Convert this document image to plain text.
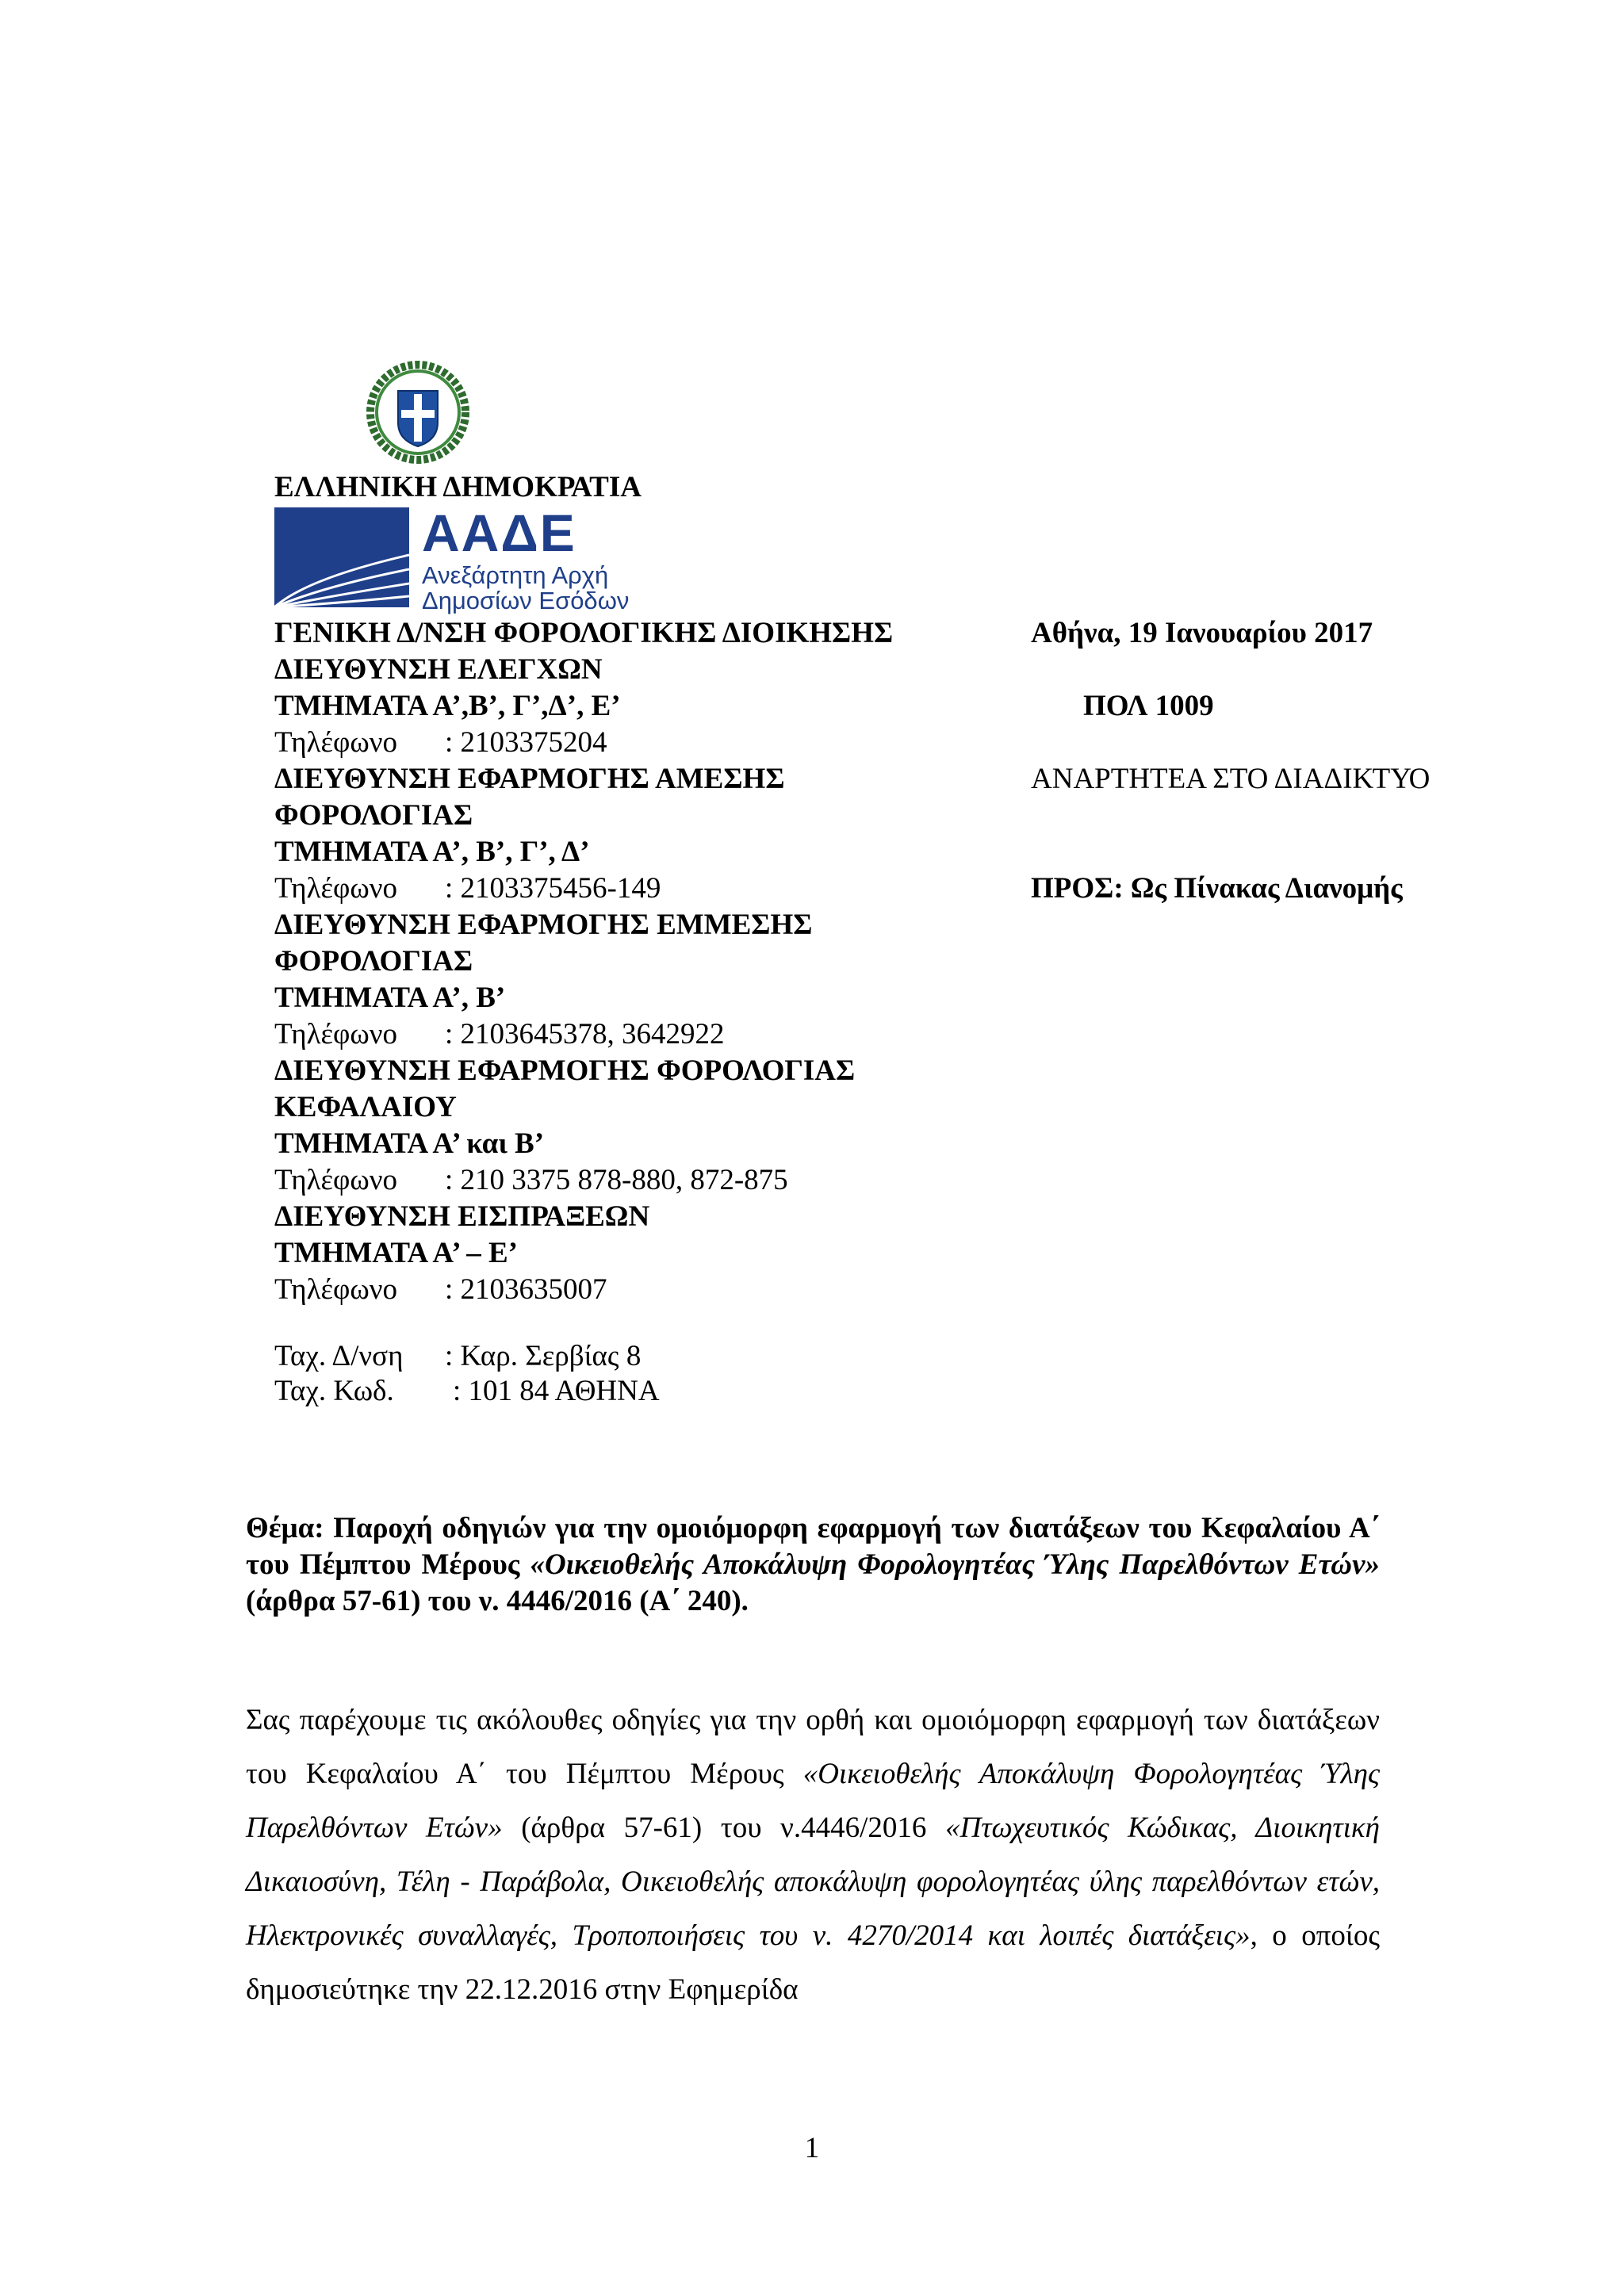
ΕΛΛΗΝΙΚΗ ΔΗΜΟΚΡΑΤΙΑ
ΑΑΔΕ
Ανεξάρτητη Αρχή
Δημοσίων Εσόδων
ΓΕΝΙΚΗ Δ/ΝΣΗ ΦΟΡΟΛΟΓΙΚΗΣ ΔΙΟΙΚΗΣΗΣ
ΔΙΕΥΘΥΝΣΗ ΕΛΕΓΧΩΝ
ΤΜΗΜΑΤΑ Α’,Β’, Γ’,Δ’, Ε’
Τηλέφωνο : 2103375204
ΔΙΕΥΘΥΝΣΗ ΕΦΑΡΜΟΓΗΣ ΑΜΕΣΗΣ
ΦΟΡΟΛΟΓΙΑΣ
ΤΜΗΜΑΤΑ Α’, Β’, Γ’, Δ’
Τηλέφωνο : 2103375456-149
ΔΙΕΥΘΥΝΣΗ ΕΦΑΡΜΟΓΗΣ ΕΜΜΕΣΗΣ
ΦΟΡΟΛΟΓΙΑΣ
ΤΜΗΜΑΤΑ Α’, Β’
Τηλέφωνο : 2103645378, 3642922
ΔΙΕΥΘΥΝΣΗ ΕΦΑΡΜΟΓΗΣ ΦΟΡΟΛΟΓΙΑΣ
ΚΕΦΑΛΑΙΟΥ
ΤΜΗΜΑΤΑ Α’ και Β’
Τηλέφωνο : 210 3375 878-880, 872-875
ΔΙΕΥΘΥΝΣΗ ΕΙΣΠΡΑΞΕΩΝ
ΤΜΗΜΑΤΑ Α’ – Ε’
Τηλέφωνο : 2103635007
Ταχ. Δ/νση : Καρ. Σερβίας 8
Ταχ. Κωδ. : 101 84 ΑΘΗΝΑ
Αθήνα, 19 Ιανουαρίου 2017
ΠΟΛ 1009
ΑΝΑΡΤΗΤΕΑ ΣΤΟ ΔΙΑΔΙΚΤΥΟ
ΠΡΟΣ: Ως Πίνακας Διανομής
Θέμα: Παροχή οδηγιών για την ομοιόμορφη εφαρμογή των διατάξεων του Κεφαλαίου Α΄ του Πέμπτου Μέρους «Οικειοθελής Αποκάλυψη Φορολογητέας Ύλης Παρελθόντων Ετών» (άρθρα 57-61) του ν. 4446/2016 (Α΄ 240).
Σας παρέχουμε τις ακόλουθες οδηγίες για την ορθή και ομοιόμορφη εφαρμογή των διατάξεων του Κεφαλαίου Α΄ του Πέμπτου Μέρους «Οικειοθελής Αποκάλυψη Φορολογητέας Ύλης Παρελθόντων Ετών» (άρθρα 57-61) του ν.4446/2016 «Πτωχευτικός Κώδικας, Διοικητική Δικαιοσύνη, Τέλη - Παράβολα, Οικειοθελής αποκάλυψη φορολογητέας ύλης παρελθόντων ετών, Ηλεκτρονικές συναλλαγές, Τροποποιήσεις του ν. 4270/2014 και λοιπές διατάξεις», ο οποίος δημοσιεύτηκε την 22.12.2016 στην Εφημερίδα
1
